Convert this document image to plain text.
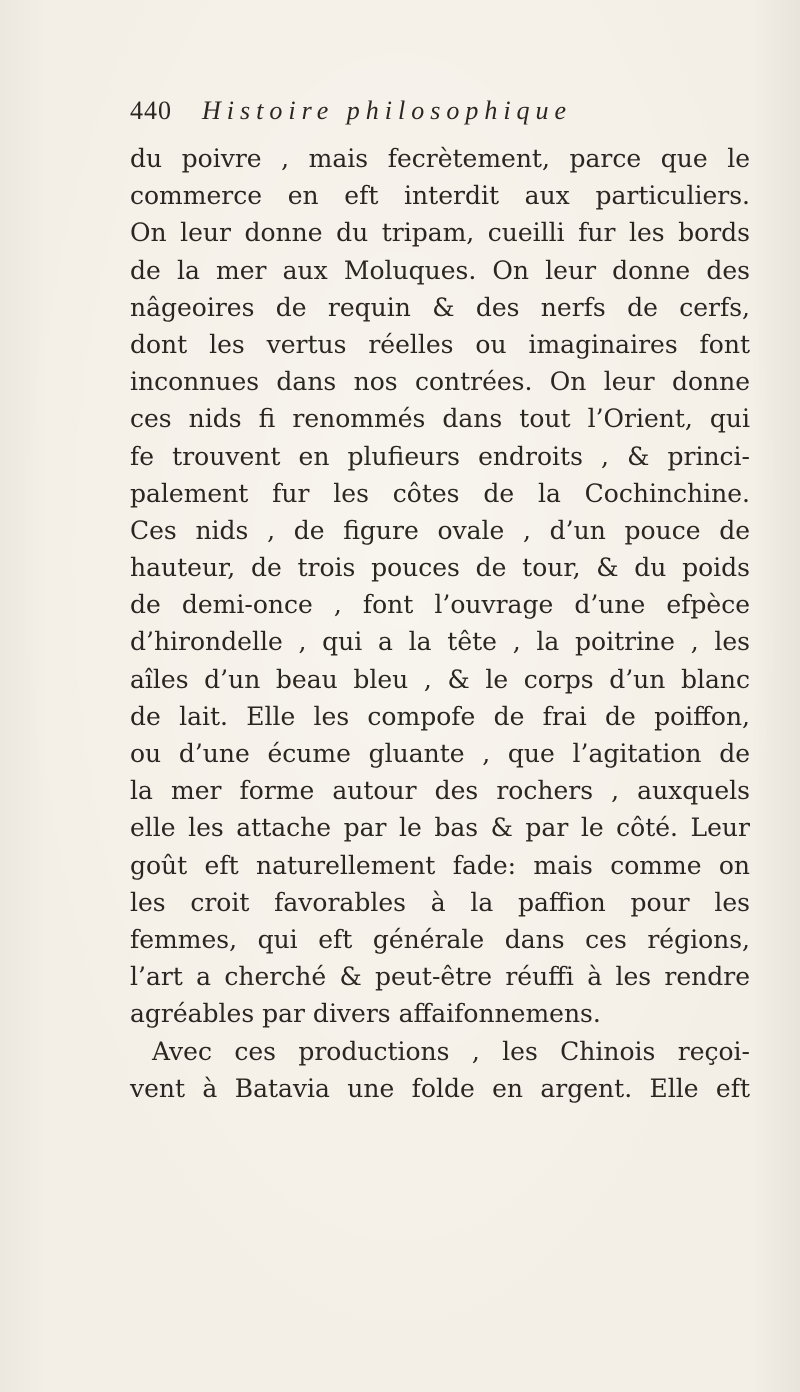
440 Histoire philosophique
du poivre , mais fecrètement, parce que le
commerce en eft interdit aux particuliers.
On leur donne du tripam, cueilli fur les bords
de la mer aux Moluques. On leur donne des
nâgeoires de requin & des nerfs de cerfs,
dont les vertus réelles ou imaginaires font
inconnues dans nos contrées. On leur donne
ces nids fi renommés dans tout l’Orient, qui
fe trouvent en plufieurs endroits , & princi-
palement fur les côtes de la Cochinchine.
Ces nids , de figure ovale , d’un pouce de
hauteur, de trois pouces de tour, & du poids
de demi-once , font l’ouvrage d’une efpèce
d’hirondelle , qui a la tête , la poitrine , les
aîles d’un beau bleu , & le corps d’un blanc
de lait. Elle les compofe de frai de poiffon,
ou d’une écume gluante , que l’agitation de
la mer forme autour des rochers , auxquels
elle les attache par le bas & par le côté. Leur
goût eft naturellement fade: mais comme on
les croit favorables à la paffion pour les
femmes, qui eft générale dans ces régions,
l’art a cherché & peut-être réuffi à les rendre
agréables par divers affaifonnemens.
Avec ces productions , les Chinois reçoi-
vent à Batavia une folde en argent. Elle eft
